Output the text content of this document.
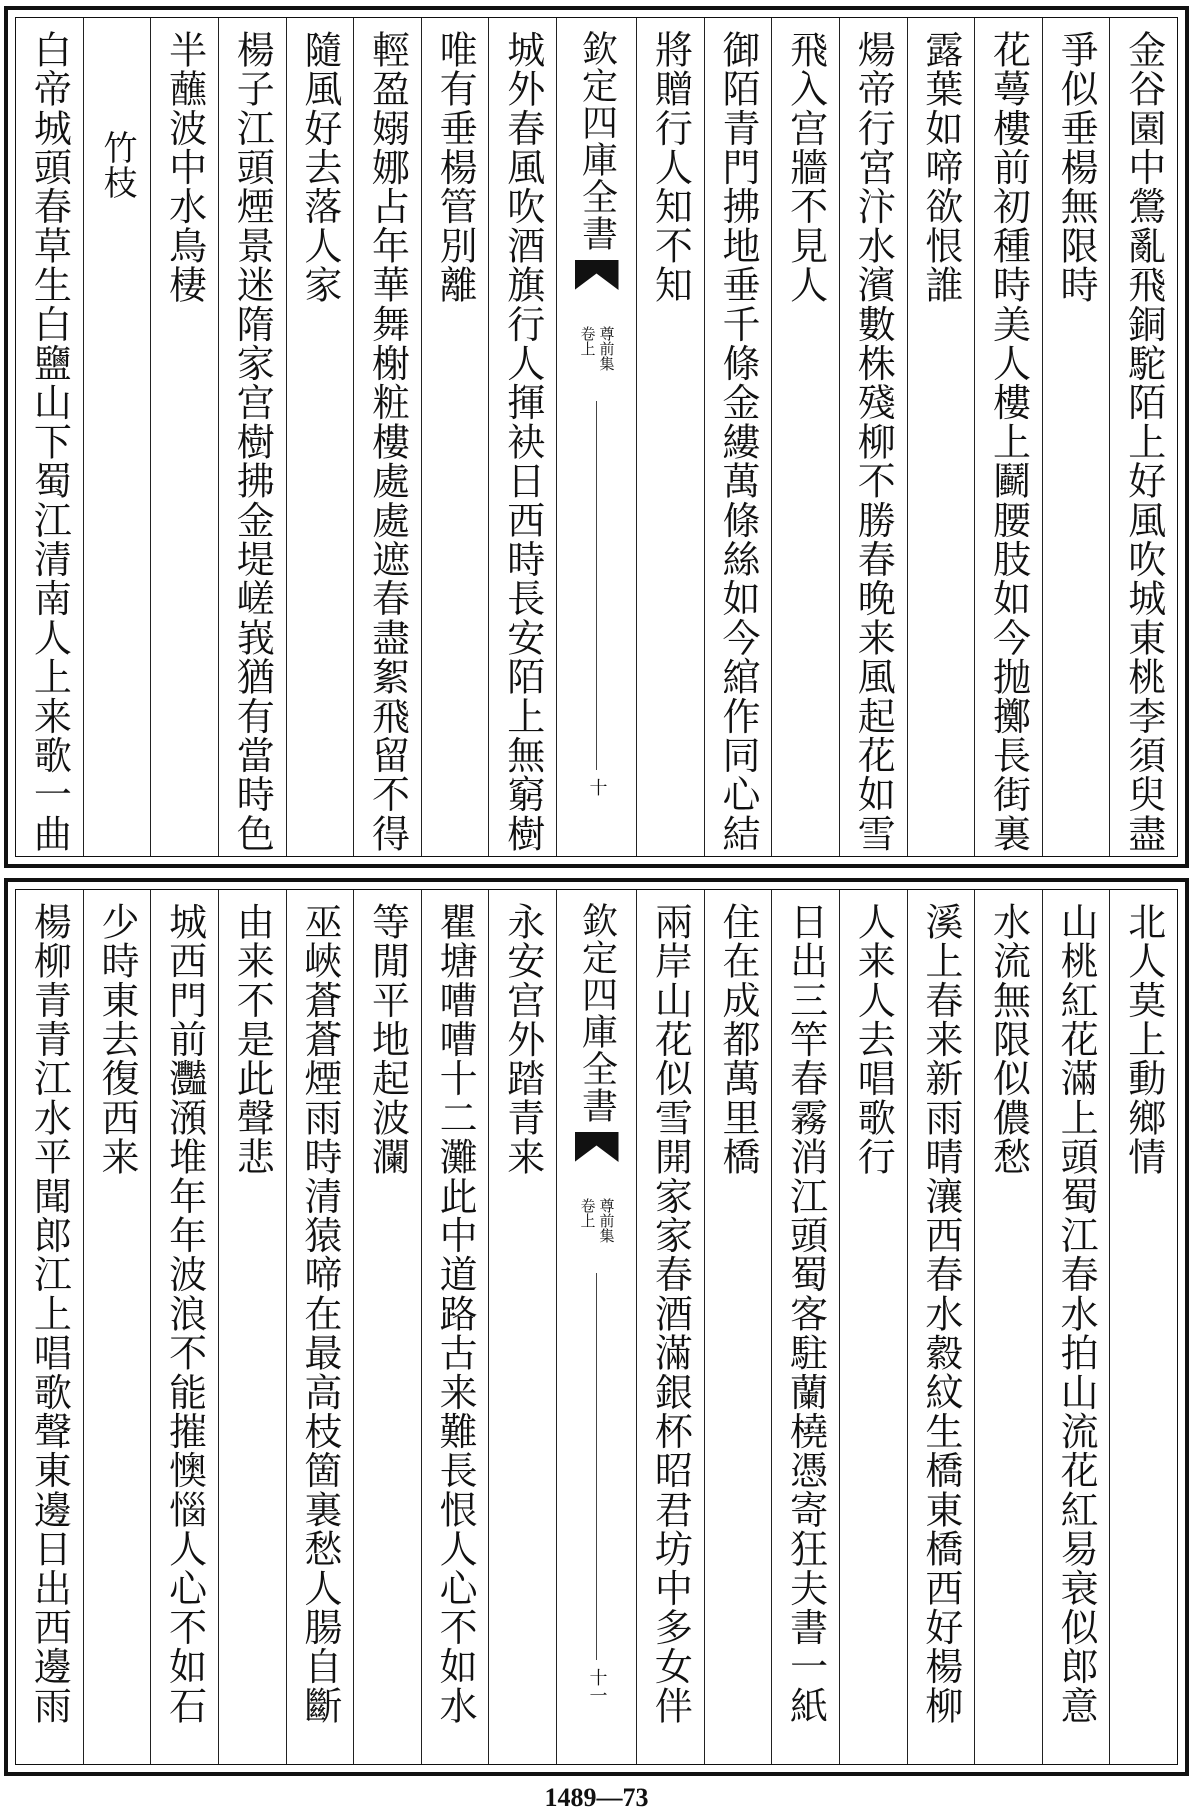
金谷園中鶯亂飛銅駝陌上好風吹城東桃李須臾盡
爭似垂楊無限時
花蕚樓前初種時美人樓上鬬腰肢如今抛擲長街裏
露葉如啼欲恨誰
煬帝行宮汴水濱數株殘柳不勝春晚来風起花如雪
飛入宫牆不見人
御陌青門拂地垂千條金縷萬條絲如今綰作同心結
將贈行人知不知
欽定四庫全書
尊前集
卷上
十
城外春風吹酒旗行人揮袂日西時長安陌上無窮樹
唯有垂楊管別離
輕盈嫋娜占年華舞榭粧樓處處遮春盡絮飛留不得
隨風好去落人家
楊子江頭煙景迷隋家宫樹拂金堤嵯峩猶有當時色
半蘸波中水鳥棲
竹枝
白帝城頭春草生白鹽山下蜀江清南人上来歌一曲
北人莫上動鄉情
山桃紅花滿上頭蜀江春水拍山流花紅易衰似郎意
水流無限似儂愁
溪上春来新雨晴瀼西春水縠紋生橋東橋西好楊柳
人来人去唱歌行
日出三竿春霧消江頭蜀客駐蘭橈憑寄狂夫書一紙
住在成都萬里橋
兩岸山花似雪開家家春酒滿銀杯昭君坊中多女伴
欽定四庫全書
尊前集
卷上
十一
永安宫外踏青来
瞿塘嘈嘈十二灘此中道路古来難長恨人心不如水
等閒平地起波瀾
巫峽蒼蒼煙雨時清猿啼在最高枝箇裏愁人腸自斷
由来不是此聲悲
城西門前灩澦堆年年波浪不能摧懊惱人心不如石
少時東去復西来
楊柳青青江水平聞郎江上唱歌聲東邊日出西邊雨
1489—73
